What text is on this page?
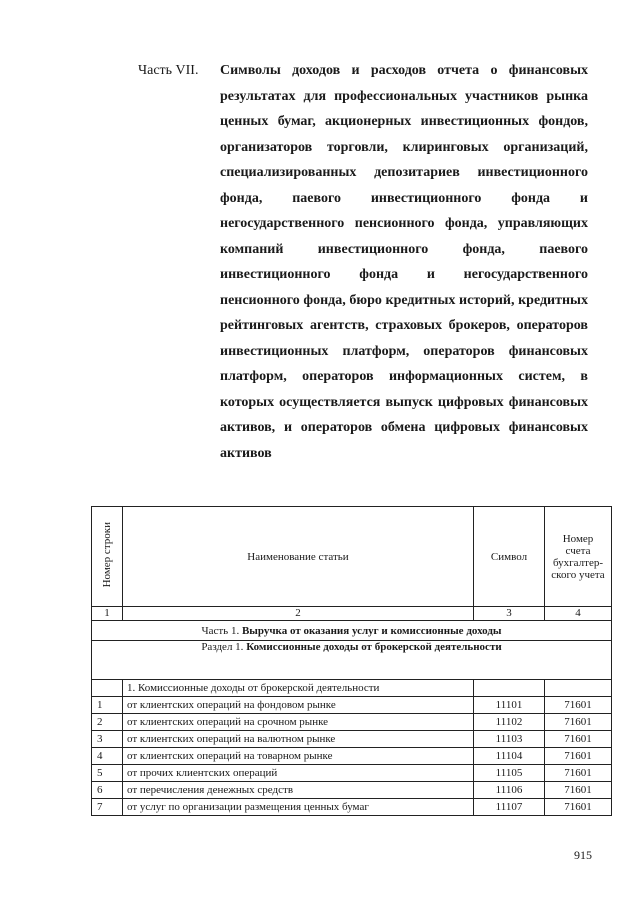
Часть VII. Символы доходов и расходов отчета о финансовых результатах для профессиональных участников рынка ценных бумаг, акционерных инвестиционных фондов, организаторов торговли, клиринговых организаций, специализированных депозитариев инвестиционного фонда, паевого инвестиционного фонда и негосударственного пенсионного фонда, управляющих компаний инвестиционного фонда, паевого инвестиционного фонда и негосударственного пенсионного фонда, бюро кредитных историй, кредитных рейтинговых агентств, страховых брокеров, операторов инвестиционных платформ, операторов финансовых платформ, операторов информационных систем, в которых осуществляется выпуск цифровых финансовых активов, и операторов обмена цифровых финансовых активов
Номер строки	Наименование статьи	Символ	Номер счета бухгалтер-ского учета
1	2	3	4
Часть 1. Выручка от оказания услуг и комиссионные доходы			
Раздел 1. Комиссионные доходы от брокерской деятельности			
	1. Комиссионные доходы от брокерской деятельности		
1	от клиентских операций на фондовом рынке	11101	71601
2	от клиентских операций на срочном рынке	11102	71601
3	от клиентских операций на валютном рынке	11103	71601
4	от клиентских операций на товарном рынке	11104	71601
5	от прочих клиентских операций	11105	71601
6	от перечисления денежных средств	11106	71601
7	от услуг по организации размещения ценных бумаг	11107	71601
915
